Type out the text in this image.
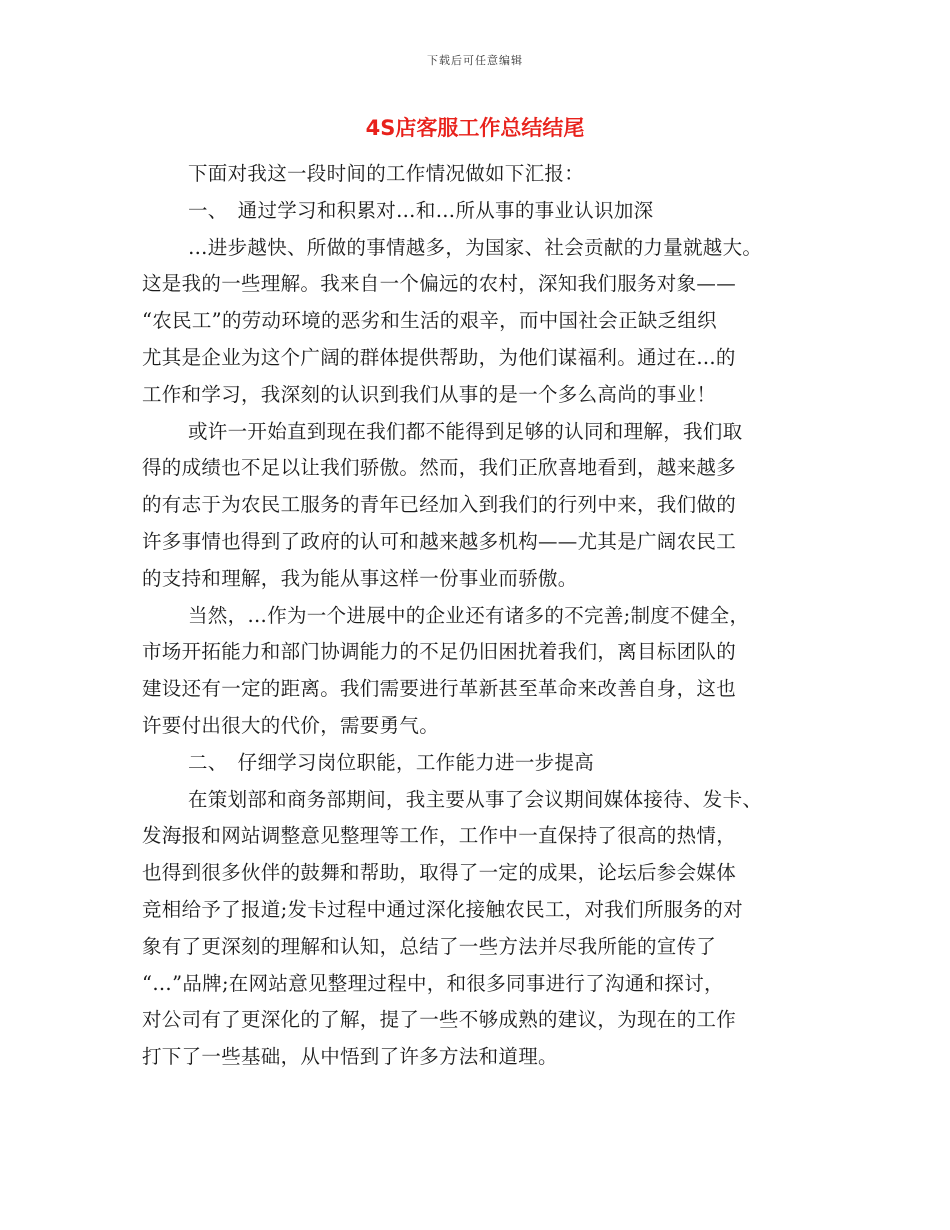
下载后可任意编辑
4S店客服工作总结结尾
下面对我这一段时间的工作情况做如下汇报：
一、　通过学习和积累对…和…所从事的事业认识加深
…进步越快、所做的事情越多，为国家、社会贡献的力量就越大。
这是我的一些理解。我来自一个偏远的农村，深知我们服务对象——
“农民工”的劳动环境的恶劣和生活的艰辛，而中国社会正缺乏组织
尤其是企业为这个广阔的群体提供帮助，为他们谋福利。通过在...的
工作和学习，我深刻的认识到我们从事的是一个多么高尚的事业！
或许一开始直到现在我们都不能得到足够的认同和理解，我们取
得的成绩也不足以让我们骄傲。然而，我们正欣喜地看到，越来越多
的有志于为农民工服务的青年已经加入到我们的行列中来，我们做的
许多事情也得到了政府的认可和越来越多机构——尤其是广阔农民工
的支持和理解，我为能从事这样一份事业而骄傲。
当然，…作为一个进展中的企业还有诸多的不完善;制度不健全，
市场开拓能力和部门协调能力的不足仍旧困扰着我们，离目标团队的
建设还有一定的距离。我们需要进行革新甚至革命来改善自身，这也
许要付出很大的代价，需要勇气。
二、　仔细学习岗位职能，工作能力进一步提高
在策划部和商务部期间，我主要从事了会议期间媒体接待、发卡、
发海报和网站调整意见整理等工作，工作中一直保持了很高的热情，
也得到很多伙伴的鼓舞和帮助，取得了一定的成果，论坛后参会媒体
竞相给予了报道;发卡过程中通过深化接触农民工，对我们所服务的对
象有了更深刻的理解和认知，总结了一些方法并尽我所能的宣传了
“…”品牌;在网站意见整理过程中，和很多同事进行了沟通和探讨，
对公司有了更深化的了解，提了一些不够成熟的建议，为现在的工作
打下了一些基础，从中悟到了许多方法和道理。
